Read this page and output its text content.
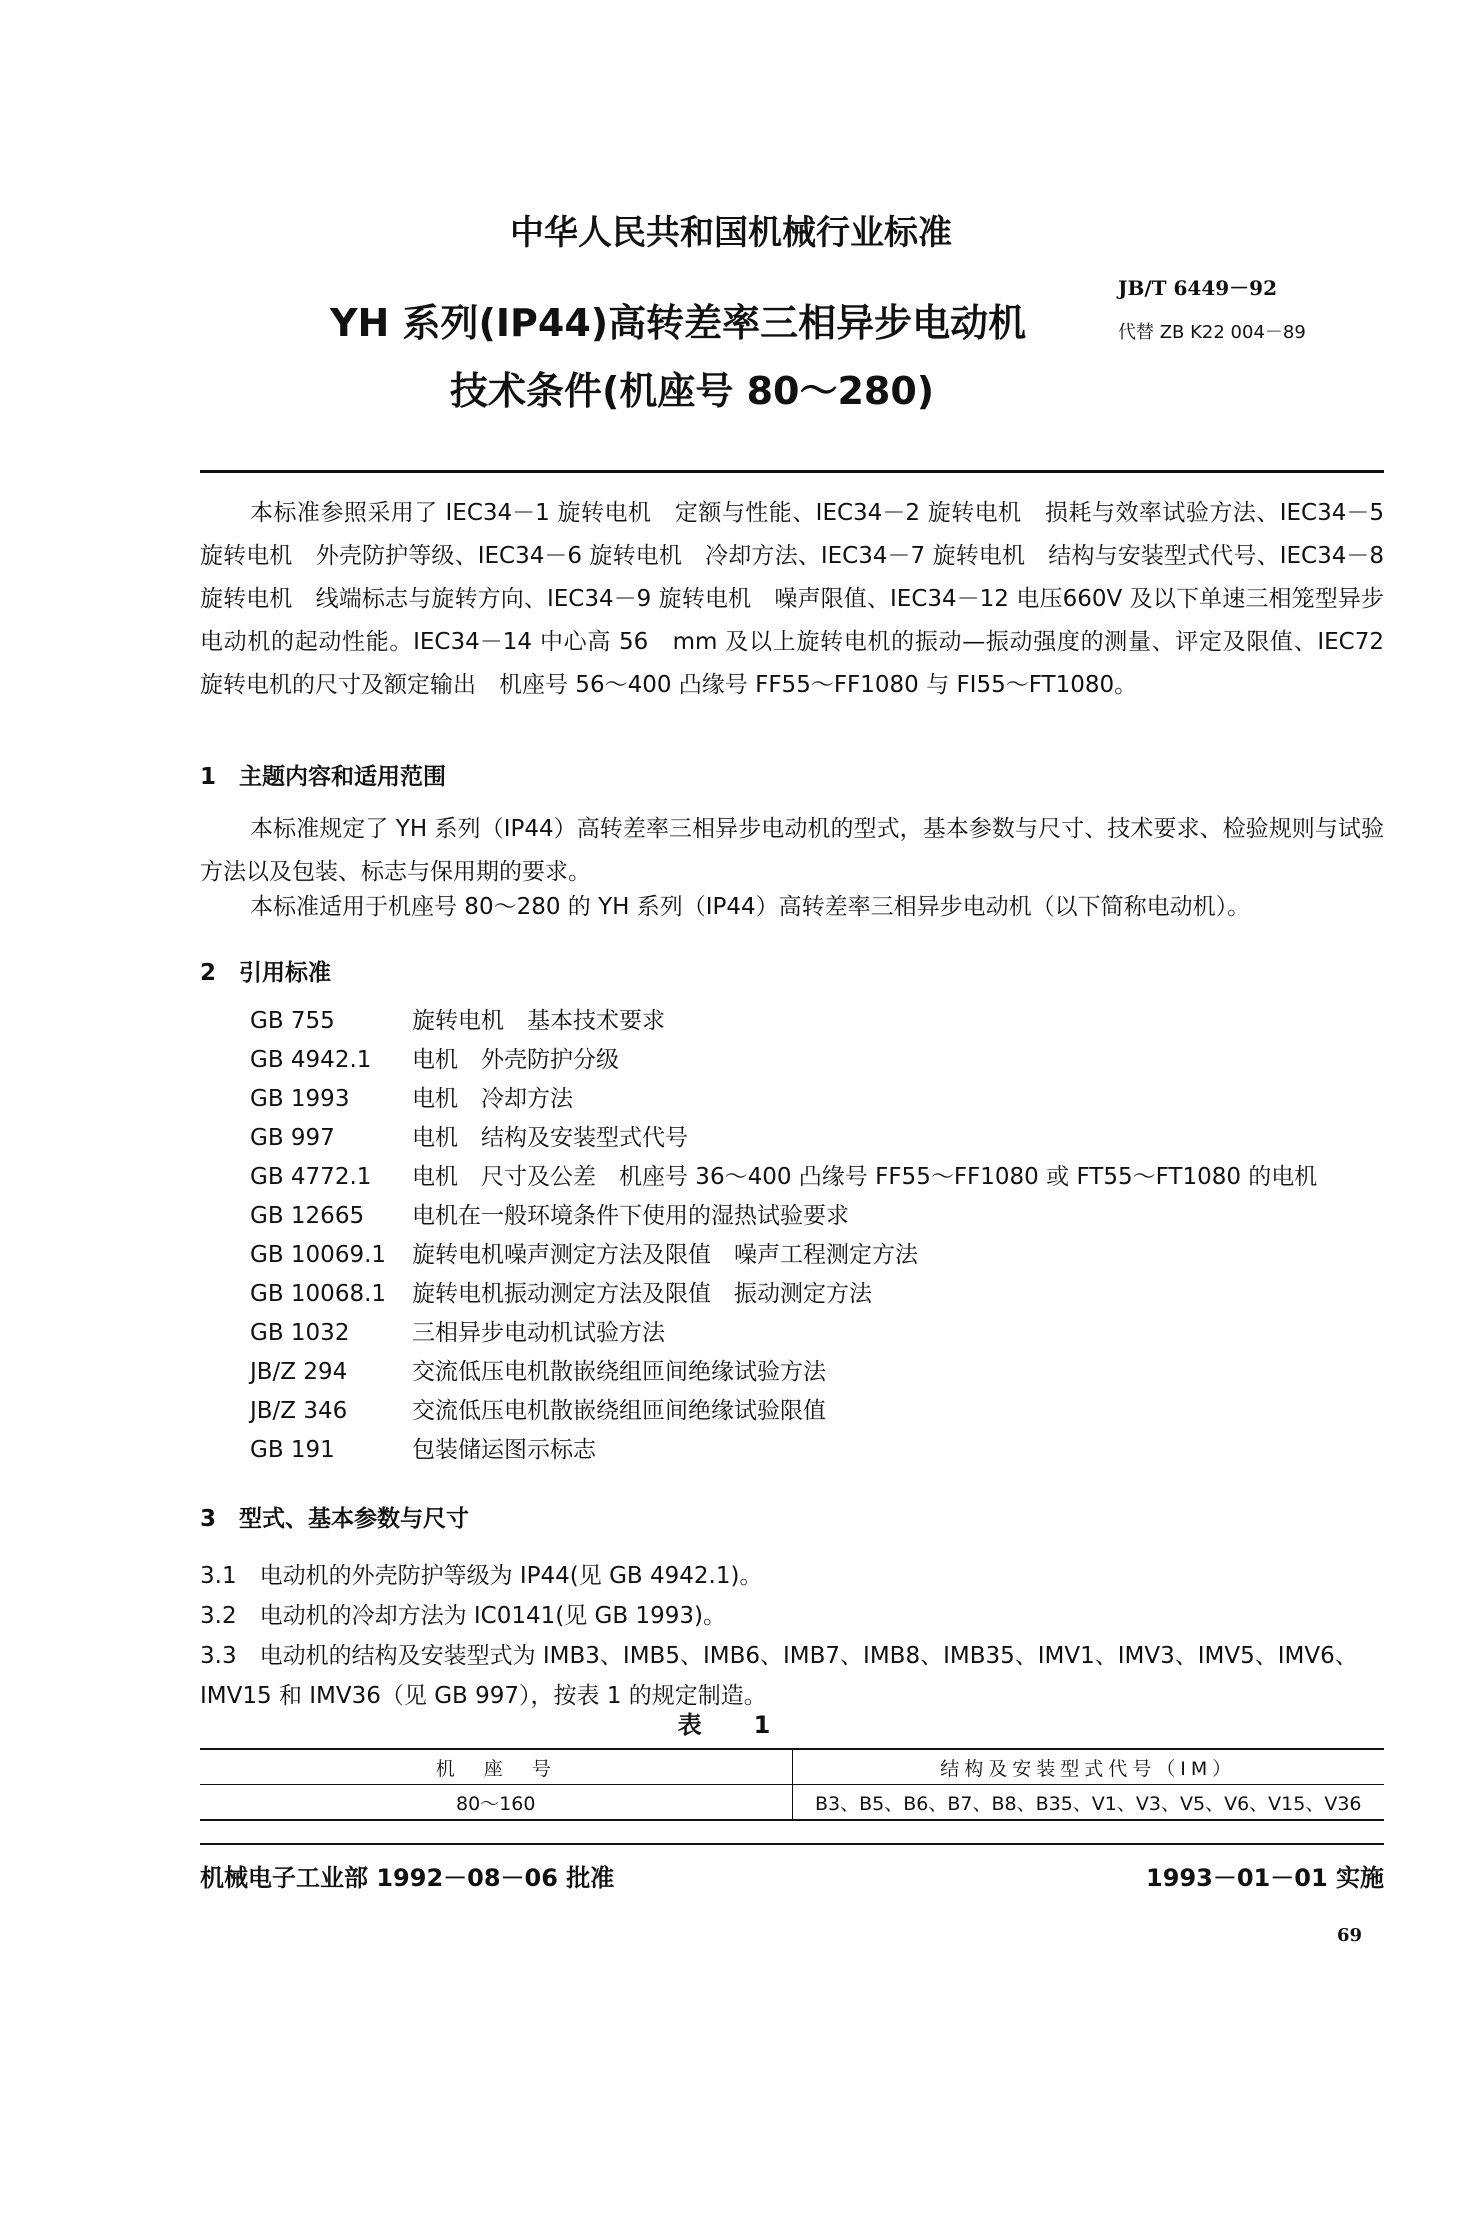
中华人民共和国机械行业标准
YH 系列(IP44)高转差率三相异步电动机
技术条件(机座号 80～280)
JB/T 6449－92
代替 ZB K22 004－89
本标准参照采用了 IEC34－1 旋转电机　定额与性能、IEC34－2 旋转电机　损耗与效率试验方法、IEC34－5 旋转电机　外壳防护等级、IEC34－6 旋转电机　冷却方法、IEC34－7 旋转电机　结构与安装型式代号、IEC34－8 旋转电机　线端标志与旋转方向、IEC34－9 旋转电机　噪声限值、IEC34－12 电压660V 及以下单速三相笼型异步电动机的起动性能。IEC34－14 中心高 56　mm 及以上旋转电机的振动—振动强度的测量、评定及限值、IEC72 旋转电机的尺寸及额定输出　机座号 56～400 凸缘号 FF55～FF1080 与 FI55～FT1080。
1　主题内容和适用范围
本标准规定了 YH 系列（IP44）高转差率三相异步电动机的型式，基本参数与尺寸、技术要求、检验规则与试验方法以及包装、标志与保用期的要求。
本标准适用于机座号 80～280 的 YH 系列（IP44）高转差率三相异步电动机（以下简称电动机）。
2　引用标准
GB 755	旋转电机　基本技术要求
GB 4942.1 电机　外壳防护分级
GB 1993	电机　冷却方法
GB 997	电机　结构及安装型式代号
GB 4772.1 电机　尺寸及公差　机座号 36～400 凸缘号 FF55～FF1080 或 FT55～FT1080 的电机
GB 12665 电机在一般环境条件下使用的湿热试验要求
GB 10069.1 旋转电机噪声测定方法及限值　噪声工程测定方法
GB 10068.1 旋转电机振动测定方法及限值　振动测定方法
GB 1032	三相异步电动机试验方法
JB/Z 294	交流低压电机散嵌绕组匝间绝缘试验方法
JB/Z 346	交流低压电机散嵌绕组匝间绝缘试验限值
GB 191	包装储运图示标志
3　型式、基本参数与尺寸
3.1　电动机的外壳防护等级为 IP44(见 GB 4942.1)。
3.2　电动机的冷却方法为 IC0141(见 GB 1993)。
3.3　电动机的结构及安装型式为 IMB3、IMB5、IMB6、IMB7、IMB8、IMB35、IMV1、IMV3、IMV5、IMV6、IMV15 和 IMV36（见 GB 997），按表 1 的规定制造。
表　1
机　座　号	结构及安装型式代号（IM）
80～160	B3、B5、B6、B7、B8、B35、V1、V3、V5、V6、V15、V36
机械电子工业部 1992－08－06 批准	1993－01－01 实施
69
